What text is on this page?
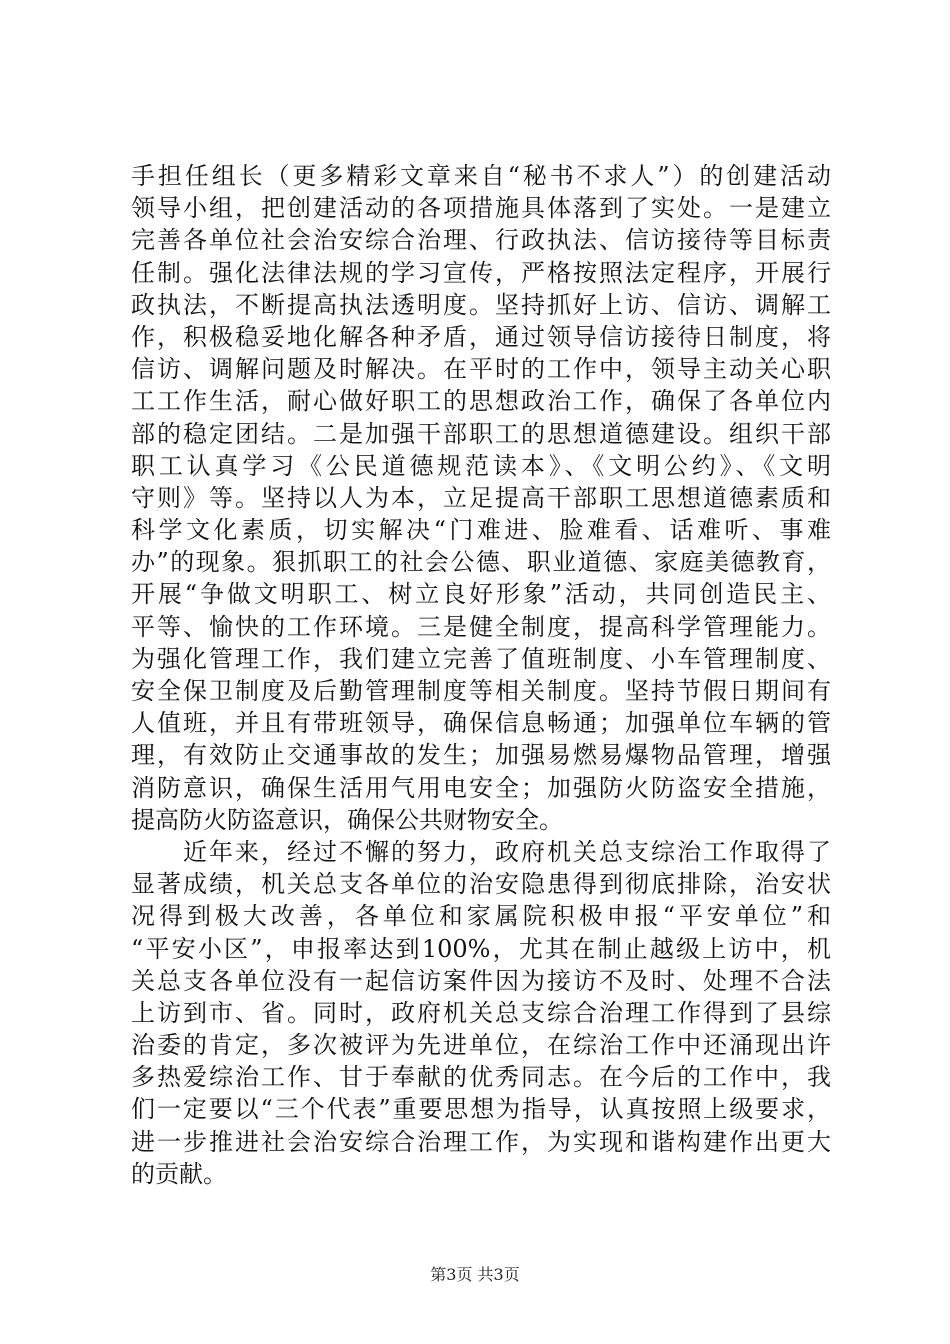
手担任组长（更多精彩文章来自“秘书不求人”）的创建活动
领导小组，把创建活动的各项措施具体落到了实处。一是建立
完善各单位社会治安综合治理、行政执法、信访接待等目标责
任制。强化法律法规的学习宣传，严格按照法定程序，开展行
政执法，不断提高执法透明度。坚持抓好上访、信访、调解工
作，积极稳妥地化解各种矛盾，通过领导信访接待日制度，将
信访、调解问题及时解决。在平时的工作中，领导主动关心职
工工作生活，耐心做好职工的思想政治工作，确保了各单位内
部的稳定团结。二是加强干部职工的思想道德建设。组织干部
职工认真学习《公民道德规范读本》、《文明公约》、《文明
守则》等。坚持以人为本，立足提高干部职工思想道德素质和
科学文化素质，切实解决“门难进、脸难看、话难听、事难
办”的现象。狠抓职工的社会公德、职业道德、家庭美德教育，
开展“争做文明职工、树立良好形象”活动，共同创造民主、
平等、愉快的工作环境。三是健全制度，提高科学管理能力。
为强化管理工作，我们建立完善了值班制度、小车管理制度、
安全保卫制度及后勤管理制度等相关制度。坚持节假日期间有
人值班，并且有带班领导，确保信息畅通；加强单位车辆的管
理，有效防止交通事故的发生；加强易燃易爆物品管理，增强
消防意识，确保生活用气用电安全；加强防火防盗安全措施，
提高防火防盗意识，确保公共财物安全。
　　近年来，经过不懈的努力，政府机关总支综治工作取得了
显著成绩，机关总支各单位的治安隐患得到彻底排除，治安状
况得到极大改善，各单位和家属院积极申报“平安单位”和
“平安小区”，申报率达到100%，尤其在制止越级上访中，机
关总支各单位没有一起信访案件因为接访不及时、处理不合法
上访到市、省。同时，政府机关总支综合治理工作得到了县综
治委的肯定，多次被评为先进单位，在综治工作中还涌现出许
多热爱综治工作、甘于奉献的优秀同志。在今后的工作中，我
们一定要以“三个代表”重要思想为指导，认真按照上级要求，
进一步推进社会治安综合治理工作，为实现和谐构建作出更大
的贡献。
第3页 共3页
